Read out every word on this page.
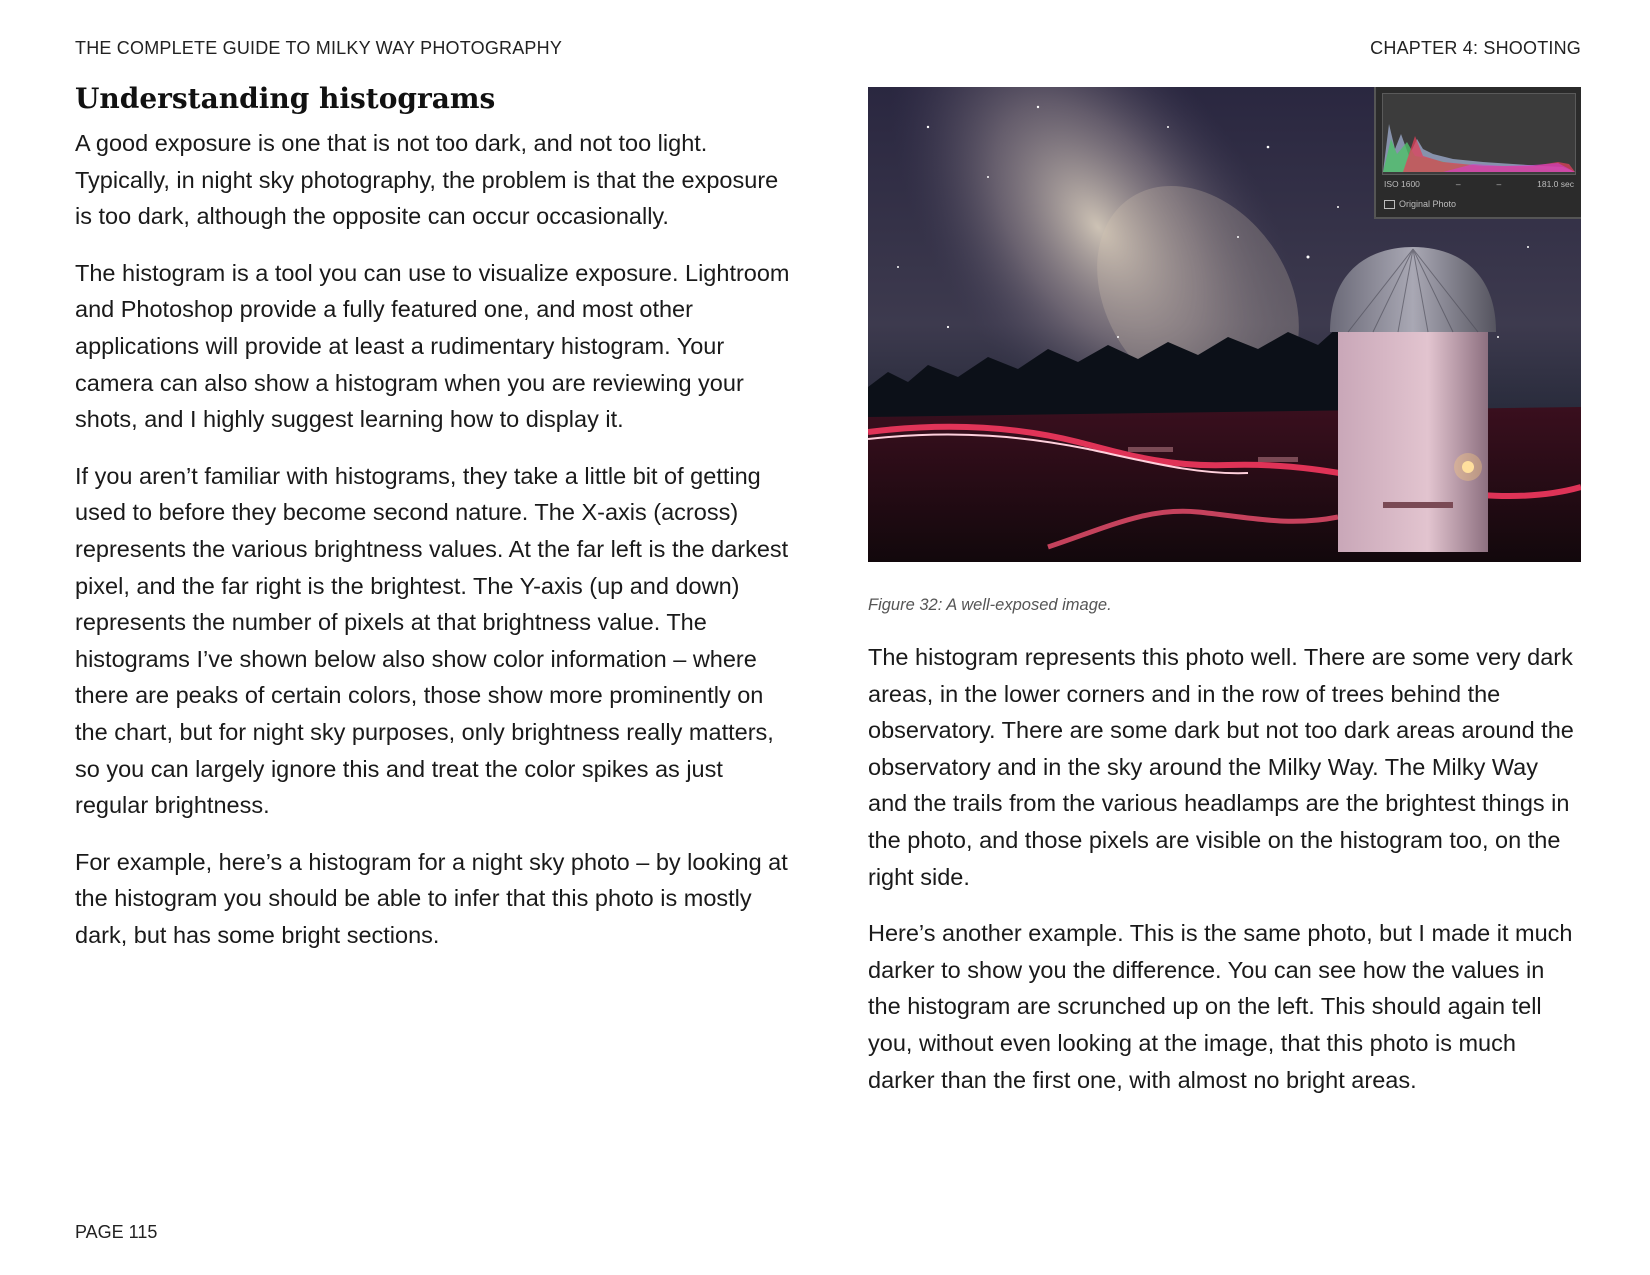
THE COMPLETE GUIDE TO MILKY WAY PHOTOGRAPHY	CHAPTER 4: SHOOTING
Understanding histograms

A good exposure is one that is not too dark, and not too light. Typically, in night sky photography, the problem is that the exposure is too dark, although the opposite can occur occasionally.

The histogram is a tool you can use to visualize exposure. Lightroom and Photoshop provide a fully featured one, and most other applications will provide at least a rudimentary histogram. Your camera can also show a histogram when you are reviewing your shots, and I highly suggest learning how to display it.

If you aren’t familiar with histograms, they take a little bit of getting used to before they become second nature. The X-axis (across) represents the various brightness values. At the far left is the darkest pixel, and the far right is the brightest. The Y-axis (up and down) represents the number of pixels at that brightness value. The histograms I’ve shown below also show color information – where there are peaks of certain colors, those show more prominently on the chart, but for night sky purposes, only brightness really matters, so you can largely ignore this and treat the color spikes as just regular brightness.

For example, here’s a histogram for a night sky photo – by looking at the histogram you should be able to infer that this photo is mostly dark, but has some bright sections.

ISO 1600	–	–	181.0 sec
Original Photo
Figure 32: A well-exposed image.

The histogram represents this photo well. There are some very dark areas, in the lower corners and in the row of trees behind the observatory. There are some dark but not too dark areas around the observatory and in the sky around the Milky Way. The Milky Way and the trails from the various headlamps are the brightest things in the photo, and those pixels are visible on the histogram too, on the right side.

Here’s another example. This is the same photo, but I made it much darker to show you the difference. You can see how the values in the histogram are scrunched up on the left. This should again tell you, without even looking at the image, that this photo is much darker than the first one, with almost no bright areas.

PAGE 115
